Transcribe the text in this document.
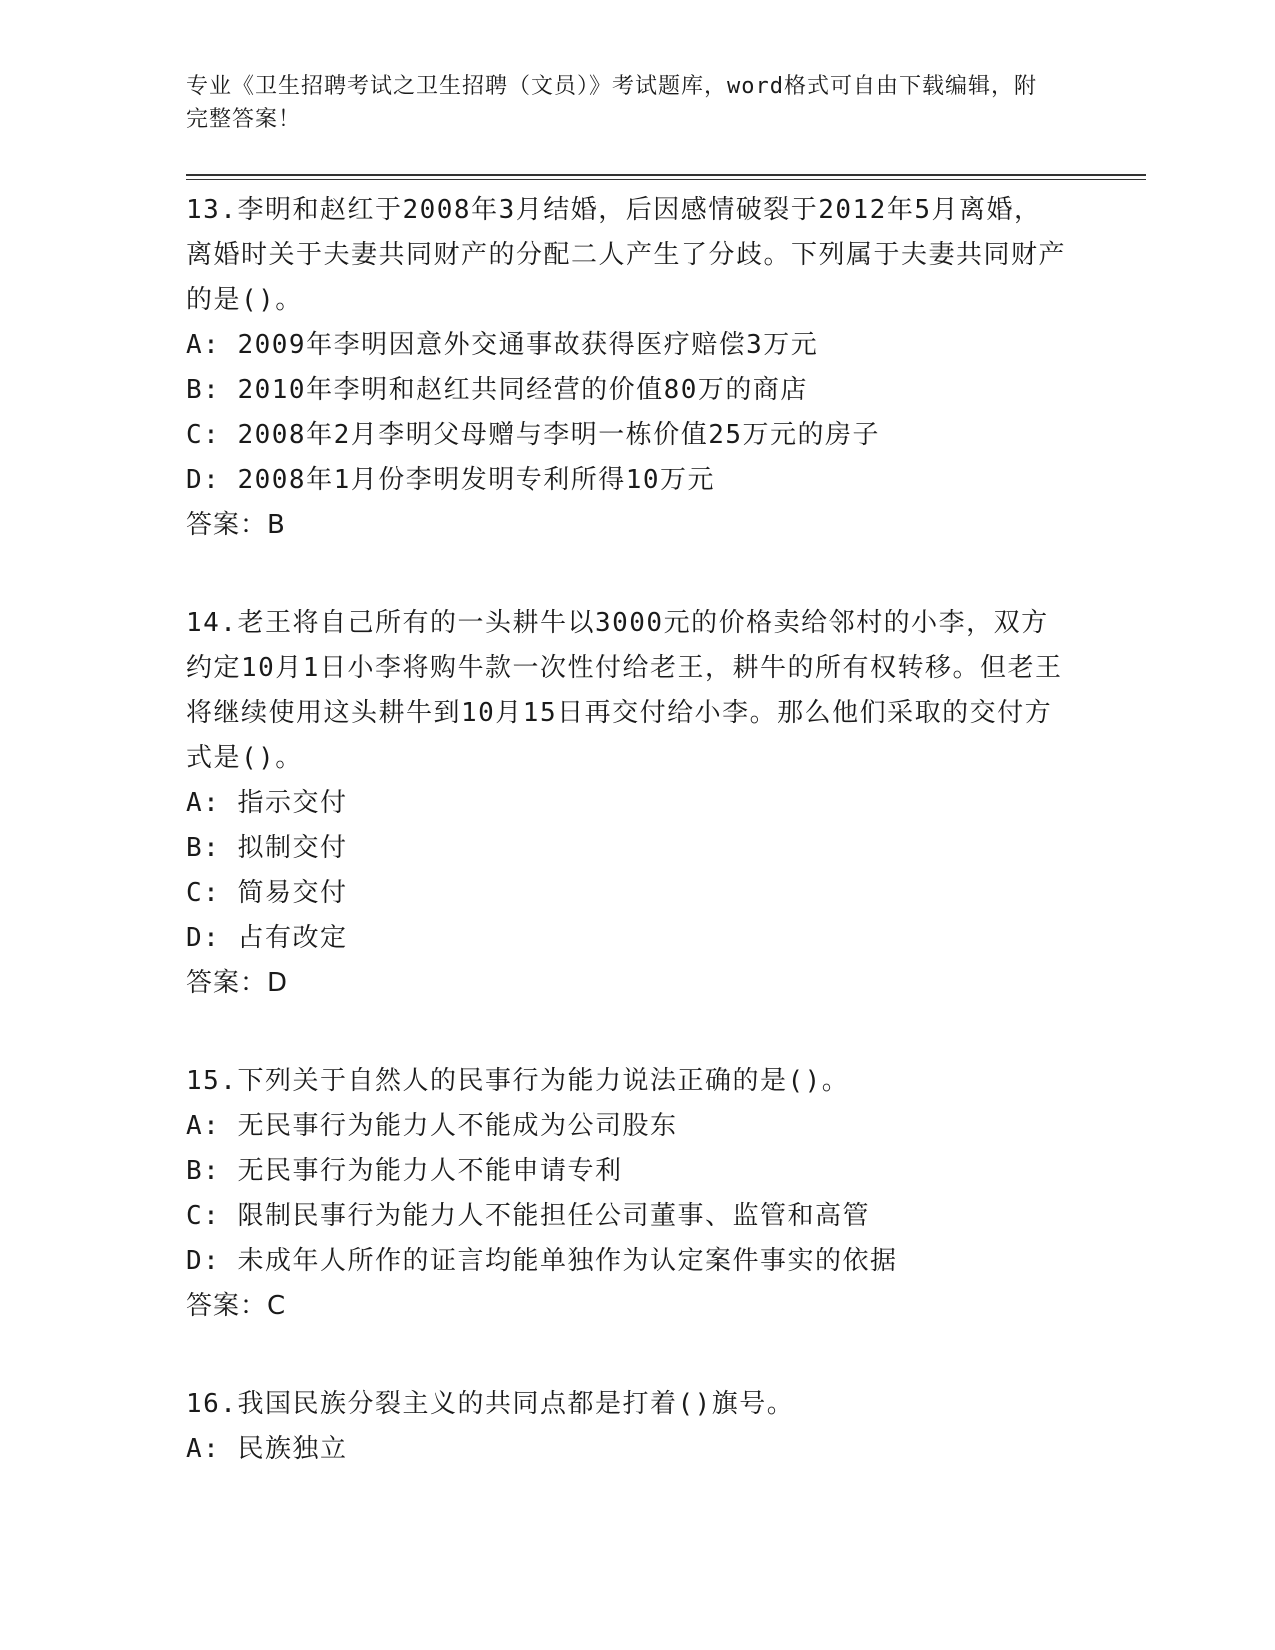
专业《卫生招聘考试之卫生招聘（文员）》考试题库，word格式可自由下载编辑，附完整答案！
13.李明和赵红于2008年3月结婚，后因感情破裂于2012年5月离婚，离婚时关于夫妻共同财产的分配二人产生了分歧。下列属于夫妻共同财产的是()。
A: 2009年李明因意外交通事故获得医疗赔偿3万元
B: 2010年李明和赵红共同经营的价值80万的商店
C: 2008年2月李明父母赠与李明一栋价值25万元的房子
D: 2008年1月份李明发明专利所得10万元
答案：B
14.老王将自己所有的一头耕牛以3000元的价格卖给邻村的小李，双方约定10月1日小李将购牛款一次性付给老王，耕牛的所有权转移。但老王将继续使用这头耕牛到10月15日再交付给小李。那么他们采取的交付方式是()。
A: 指示交付
B: 拟制交付
C: 简易交付
D: 占有改定
答案：D
15.下列关于自然人的民事行为能力说法正确的是()。
A: 无民事行为能力人不能成为公司股东
B: 无民事行为能力人不能申请专利
C: 限制民事行为能力人不能担任公司董事、监管和高管
D: 未成年人所作的证言均能单独作为认定案件事实的依据
答案：C
16.我国民族分裂主义的共同点都是打着()旗号。
A: 民族独立
